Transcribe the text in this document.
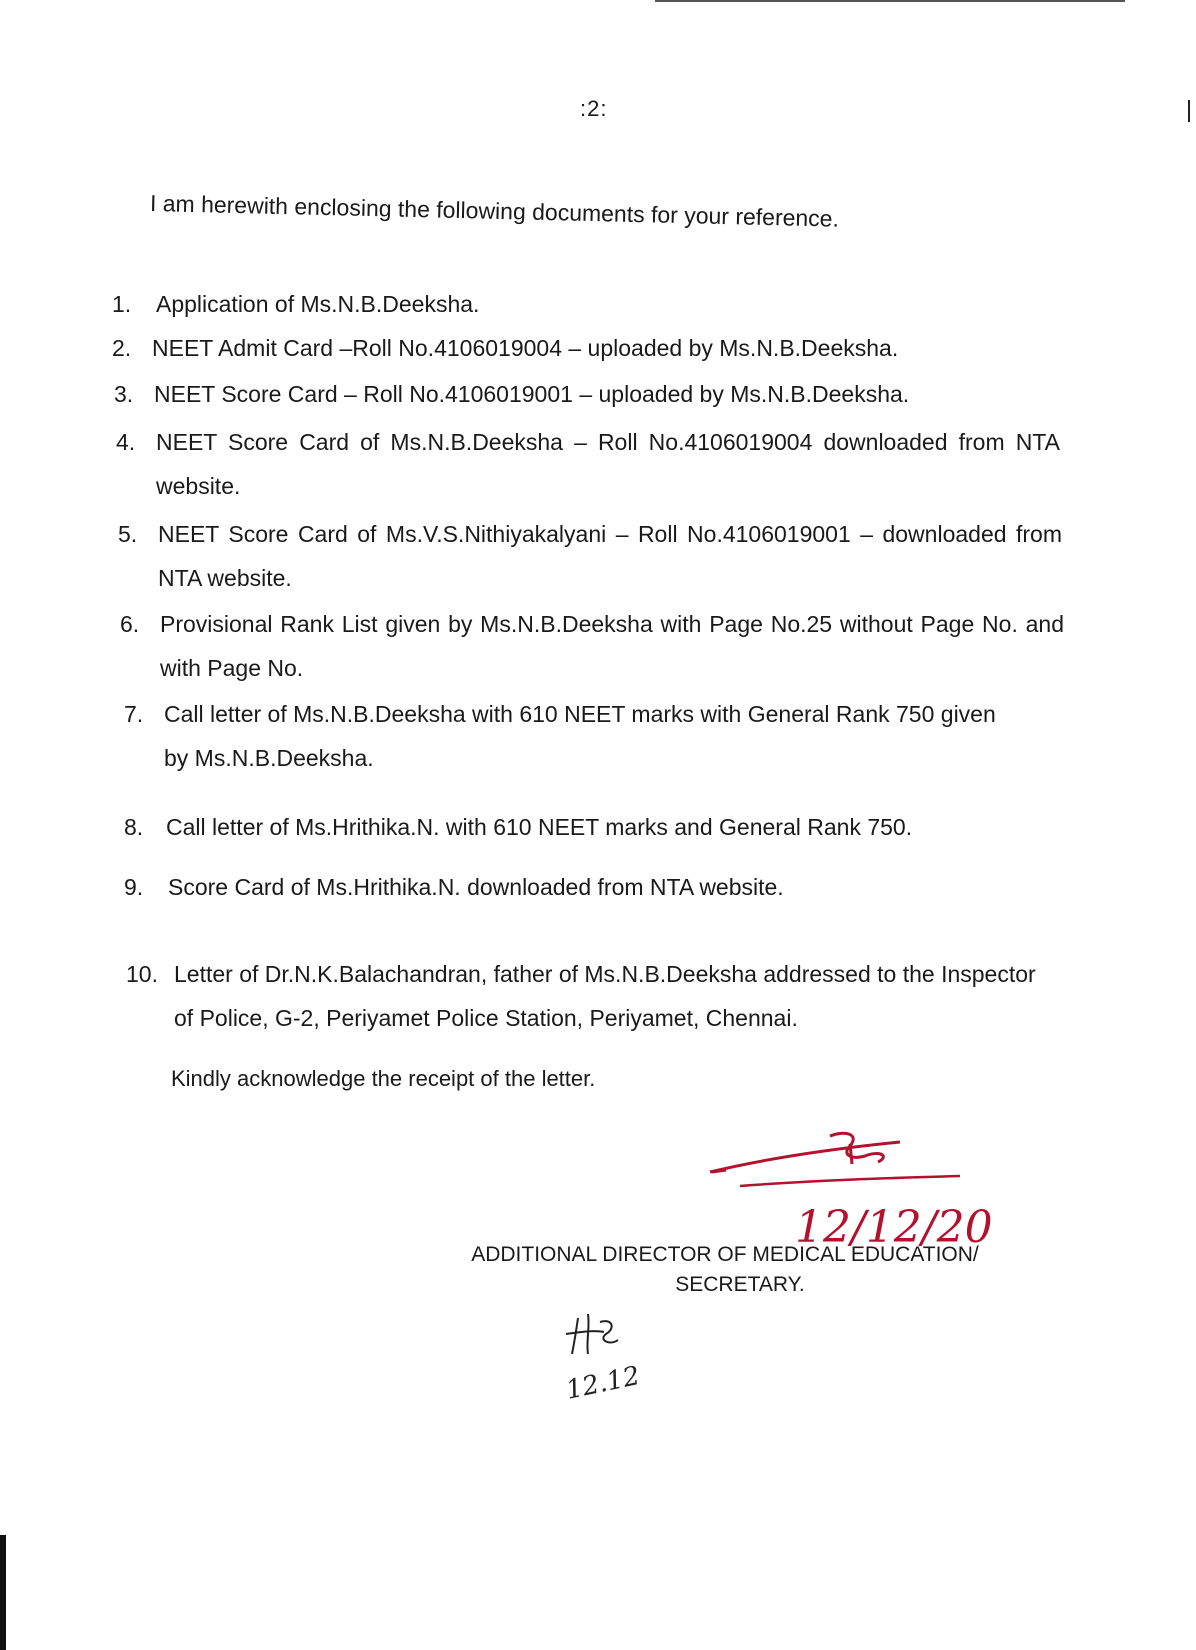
:2:
I am herewith enclosing the following documents for your reference.
1. Application of Ms.N.B.Deeksha.
2. NEET Admit Card –Roll No.4106019004 – uploaded by Ms.N.B.Deeksha.
3. NEET Score Card – Roll No.4106019001 – uploaded by Ms.N.B.Deeksha.
4. NEET Score Card of Ms.N.B.Deeksha – Roll No.4106019004 downloaded from NTA website.
5. NEET Score Card of Ms.V.S.Nithiyakalyani – Roll No.4106019001 – downloaded from NTA website.
6. Provisional Rank List given by Ms.N.B.Deeksha with Page No.25 without Page No. and with Page No.
7. Call letter of Ms.N.B.Deeksha with 610 NEET marks with General Rank 750 given by Ms.N.B.Deeksha.
8. Call letter of Ms.Hrithika.N. with 610 NEET marks and General Rank 750.
9. Score Card of Ms.Hrithika.N. downloaded from NTA website.
10. Letter of Dr.N.K.Balachandran, father of Ms.N.B.Deeksha addressed to the Inspector of Police, G-2, Periyamet Police Station, Periyamet, Chennai.
Kindly acknowledge the receipt of the letter.
12/12/20
ADDITIONAL DIRECTOR OF MEDICAL EDUCATION/
SECRETARY.
12.12
